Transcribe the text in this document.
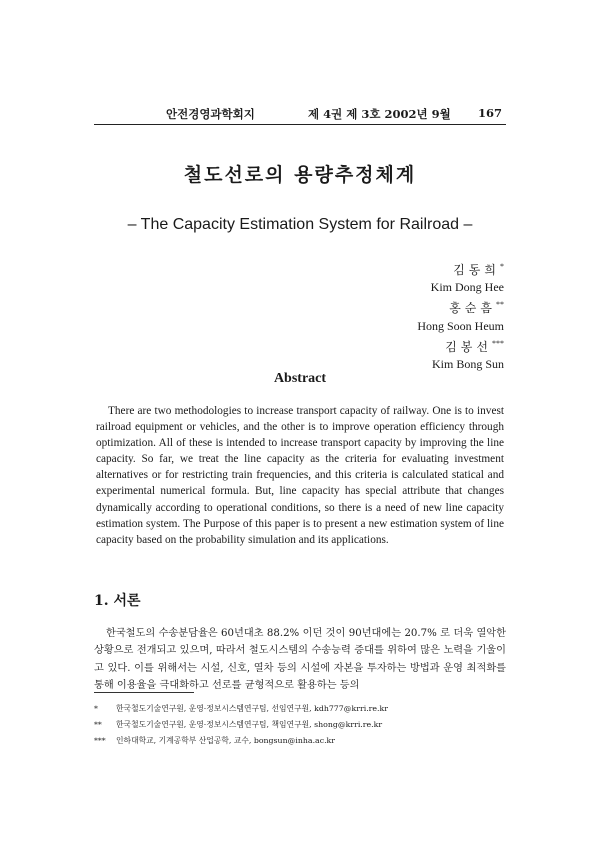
안전경영과학회지	제 4권 제 3호 2002년 9월 167
철도선로의 용량추정체계
– The Capacity Estimation System for Railroad –
김동희*
Kim Dong Hee
홍순흠**
Hong Soon Heum
김봉선***
Kim Bong Sun
Abstract

There are two methodologies to increase transport capacity of railway. One is to invest railroad equipment or vehicles, and the other is to improve operation efficiency through optimization. All of these is intended to increase transport capacity by improving the line capacity. So far, we treat the line capacity as the criteria for evaluating investment alternatives or for restricting train frequencies, and this criteria is calculated statical and experimental numerical formula. But, line capacity has special attribute that changes dynamically according to operational conditions, so there is a need of new line capacity estimation system. The Purpose of this paper is to present a new estimation system of line capacity based on the probability simulation and its applications.

1. 서론

한국철도의 수송분담율은 60년대초 88.2% 이던 것이 90년대에는 20.7% 로 더욱 열악한 상황으로 전개되고 있으며, 따라서 철도시스템의 수송능력 증대를 위하여 많은 노력을 기울이고 있다. 이를 위해서는 시설, 신호, 열차 등의 시설에 자본을 투자하는 방법과 운영 최적화를 통해 이용율을 극대화하고 선로를 균형적으로 활용하는 등의

* 한국철도기술연구원, 운영·정보시스템연구팀, 선임연구원, kdh777@krri.re.kr
** 한국철도기술연구원, 운영·정보시스템연구팀, 책임연구원, shong@krri.re.kr
*** 인하대학교, 기계공학부 산업공학, 교수, bongsun@inha.ac.kr
